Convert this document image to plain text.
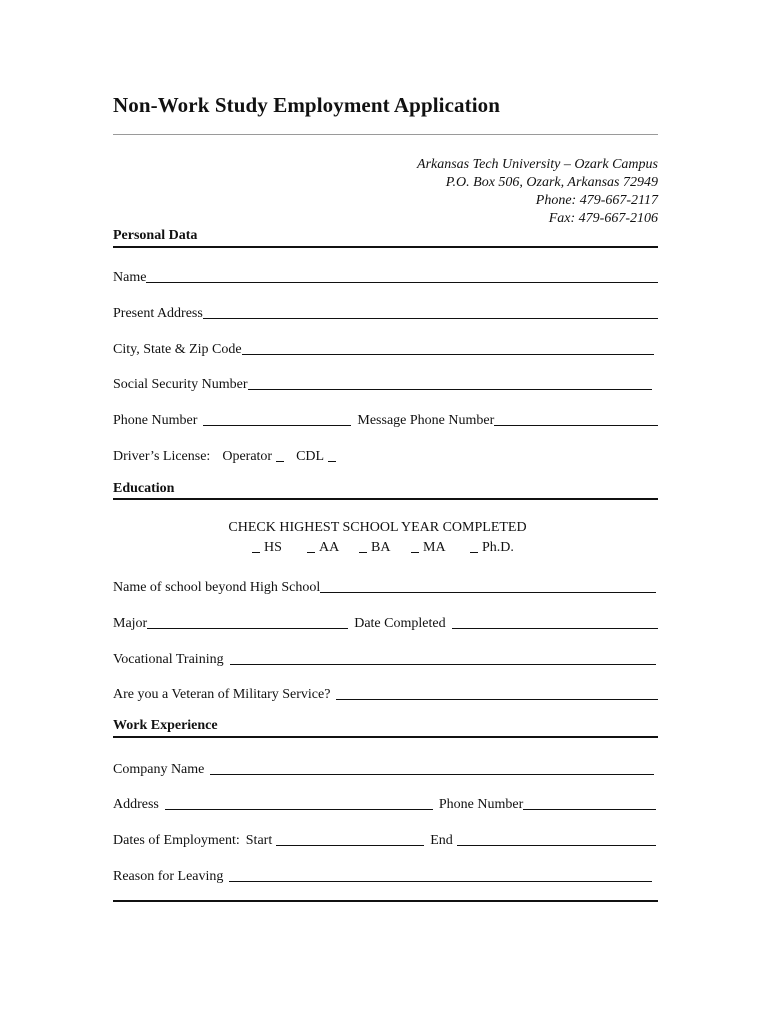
Non-Work Study Employment Application
Arkansas Tech University – Ozark Campus
P.O. Box 506, Ozark, Arkansas 72949
Phone: 479-667-2117
Fax: 479-667-2106
Personal Data
Name
Present Address
City, State & Zip Code
Social Security Number
Phone Number	Message Phone Number
Driver’s License: Operator CDL
Education
CHECK HIGHEST SCHOOL YEAR COMPLETED
HS	AA BA MA	Ph.D.
Name of school beyond High School
Major	Date Completed
Vocational Training
Are you a Veteran of Military Service?
Work Experience
Company Name
Address	Phone Number
Dates of Employment: Start	End
Reason for Leaving
